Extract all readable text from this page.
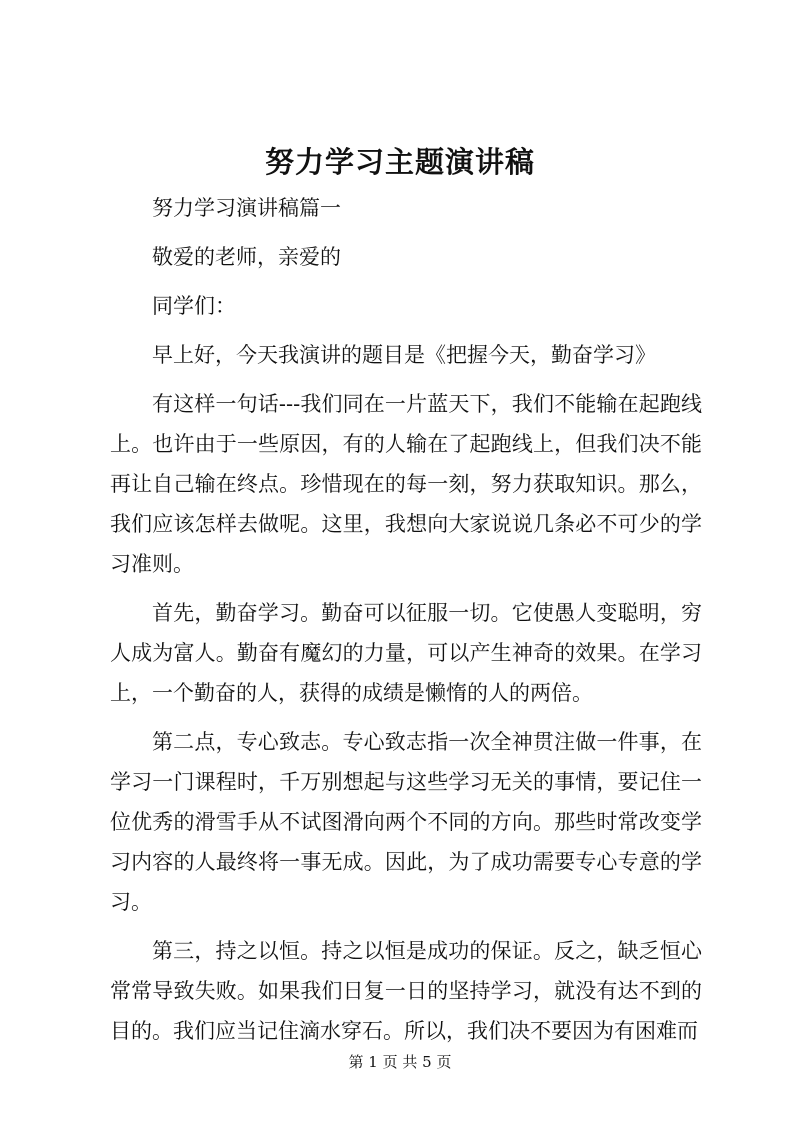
努力学习主题演讲稿

努力学习演讲稿篇一

敬爱的老师，亲爱的

同学们：

早上好，今天我演讲的题目是《把握今天，勤奋学习》

有这样一句话---我们同在一片蓝天下，我们不能输在起跑线上。也许由于一些原因，有的人输在了起跑线上，但我们决不能再让自己输在终点。珍惜现在的每一刻，努力获取知识。那么，我们应该怎样去做呢。这里，我想向大家说说几条必不可少的学习准则。

首先，勤奋学习。勤奋可以征服一切。它使愚人变聪明，穷人成为富人。勤奋有魔幻的力量，可以产生神奇的效果。在学习上，一个勤奋的人，获得的成绩是懒惰的人的两倍。

第二点，专心致志。专心致志指一次全神贯注做一件事，在学习一门课程时，千万别想起与这些学习无关的事情，要记住一位优秀的滑雪手从不试图滑向两个不同的方向。那些时常改变学习内容的人最终将一事无成。因此，为了成功需要专心专意的学习。

第三，持之以恒。持之以恒是成功的保证。反之，缺乏恒心常常导致失败。如果我们日复一日的坚持学习，就没有达不到的目的。我们应当记住滴水穿石。所以，我们决不要因为有困难而

第 1 页 共 5 页
